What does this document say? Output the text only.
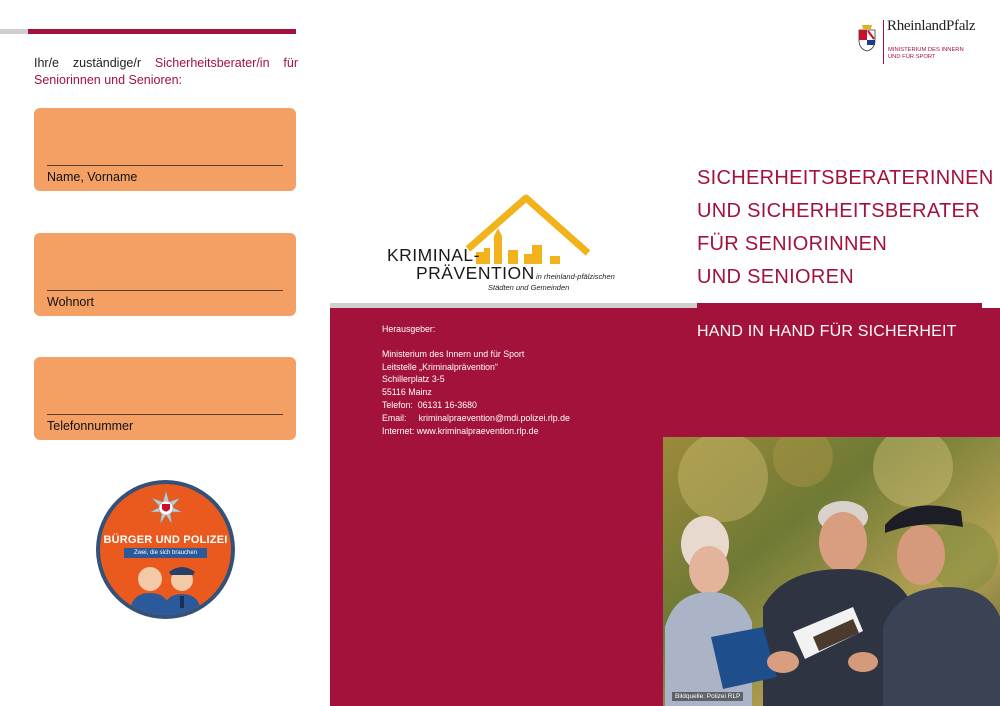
Ihr/e zuständige/r Sicherheitsberater/in für Seniorinnen und Senioren:

Name, Vorname
Wohnort
Telefonnummer
BÜRGER UND POLIZEI
Zwei, die sich brauchen
KRIMINAL-
PRÄVENTION in rheinland-pfälzischen
Städten und Gemeinden
Herausgeber:
Ministerium des Innern und für Sport
Leitstelle „Kriminalprävention“
Schillerplatz 3-5
55116 Mainz
Telefon:  06131 16-3680
Email:     kriminalpraevention@mdi.polizei.rlp.de
Internet: www.kriminalpraevention.rlp.de
RheinlandPfalz
MINISTERIUM DES INNERN
UND FÜR SPORT
SICHERHEITSBERATERINNEN
UND SICHERHEITSBERATER
FÜR SENIORINNEN
UND SENIOREN
HAND IN HAND FÜR SICHERHEIT
Bildquelle: Polizei RLP
